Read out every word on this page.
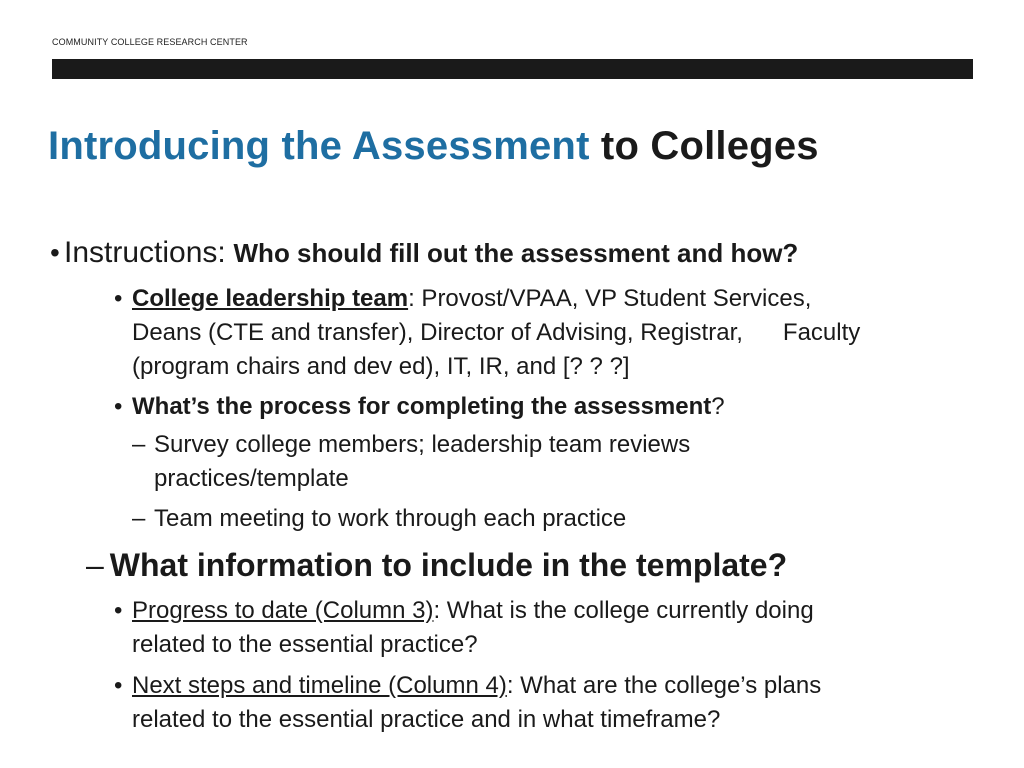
COMMUNITY COLLEGE RESEARCH CENTER
Introducing the Assessment to Colleges
• Instructions: Who should fill out the assessment and how?
• College leadership team: Provost/VPAA, VP Student Services,
Deans (CTE and transfer), Director of Advising, Registrar, Faculty
(program chairs and dev ed), IT, IR, and [? ? ?]
• What’s the process for completing the assessment?
– Survey college members; leadership team reviews
practices/template
– Team meeting to work through each practice
– What information to include in the template?
• Progress to date (Column 3): What is the college currently doing
related to the essential practice?
• Next steps and timeline (Column 4): What are the college’s plans
related to the essential practice and in what timeframe?
